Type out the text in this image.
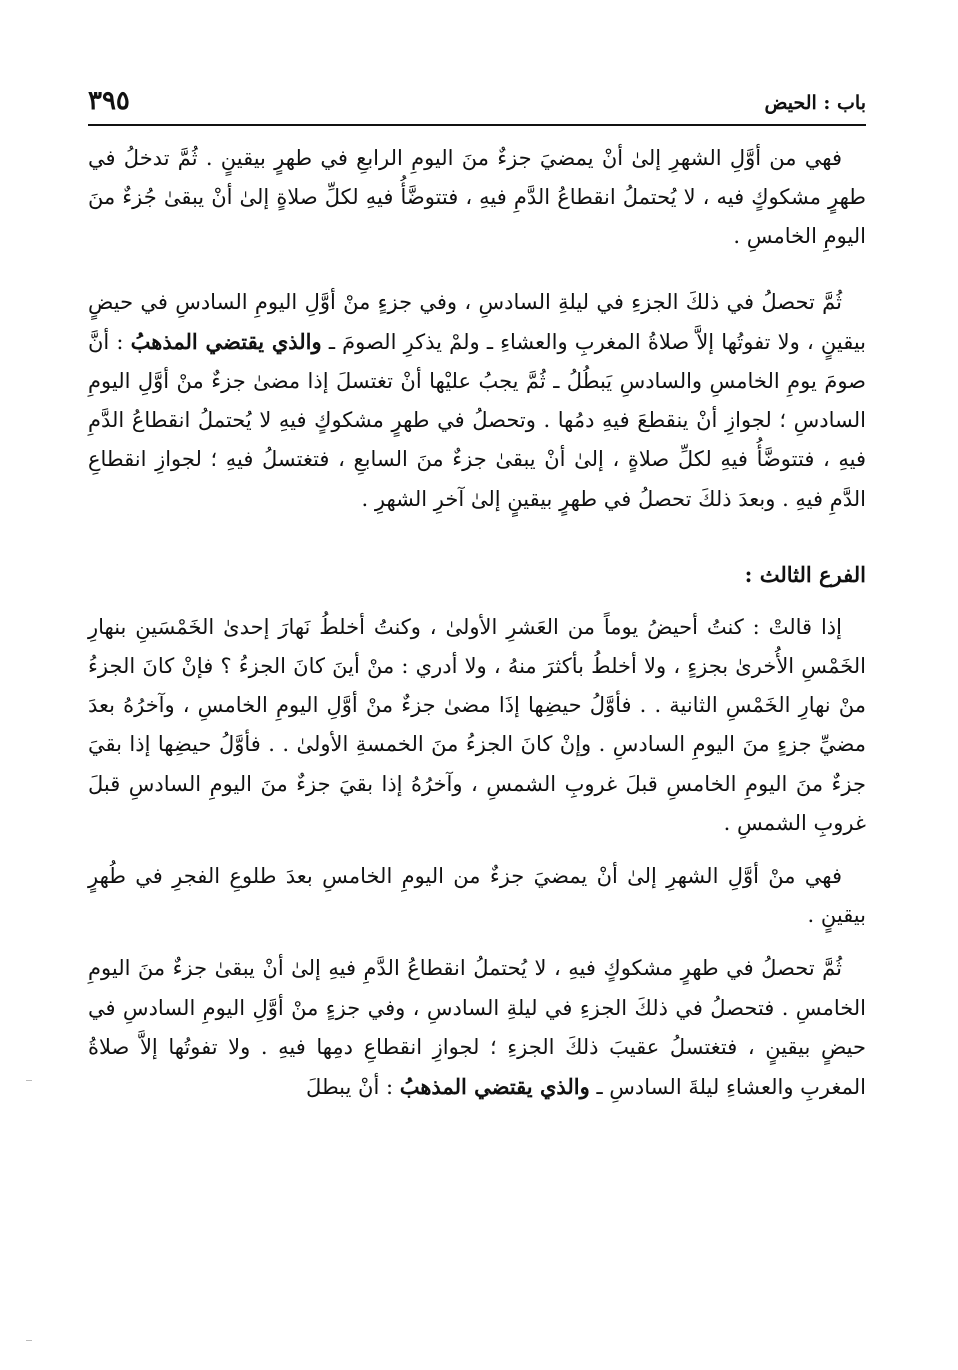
باب : الحيض
٣٩٥

فهي من أوَّلِ الشهرِ إلىٰ أنْ يمضيَ جزءٌ منَ اليومِ الرابعِ في طهرٍ بيقينٍ . ثُمَّ تدخلُ في طهرٍ مشكوكٍ فيه ، لا يُحتملُ انقطاعُ الدَّمِ فيهِ ، فتتوضَّأُ فيهِ لكلِّ صلاةٍ إلىٰ أنْ يبقىٰ جُزءٌ منَ اليومِ الخامسِ .

ثُمَّ تحصلُ في ذلكَ الجزءِ في ليلةِ السادسِ ، وفي جزءٍ منْ أوَّلِ اليومِ السادسِ في حيضٍ بيقينٍ ، ولا تفوتُها إلاَّ صلاةُ المغربِ والعشاءِ ـ ولمْ يذكرِ الصومَ ـ والذي يقتضي المذهبُ : أنَّ صومَ يومِ الخامسِ والسادسِ يَبطُلُ ـ ثُمَّ يجبُ عليْها أنْ تغتسلَ إذا مضىٰ جزءٌ منْ أوَّلِ اليومِ السادسِ ؛ لجوازِ أنْ ينقطعَ فيهِ دمُها . وتحصلُ في طهرٍ مشكوكٍ فيهِ لا يُحتملُ انقطاعُ الدَّمِ فيهِ ، فتتوضَّأُ فيهِ لكلِّ صلاةٍ ، إلىٰ أنْ يبقىٰ جزءٌ منَ السابعِ ، فتغتسلُ فيهِ ؛ لجوازِ انقطاعِ الدَّمِ فيهِ . وبعدَ ذلكَ تحصلُ في طهرٍ بيقينٍ إلىٰ آخرِ الشهرِ .

الفرع الثالث :

إذا قالتْ : كنتُ أحيضُ يوماً من العَشرِ الأولىٰ ، وكنتُ أخلطُ نَهارَ إحدىٰ الخَمْسَينِ بنهارِ الخَمْسِ الأُخرىٰ بجزءٍ ، ولا أخلطُ بأكثرَ منهُ ، ولا أدري : منْ أينَ كانَ الجزءُ ؟ فإنْ كانَ الجزءُ منْ نهارِ الخَمْسِ الثانية . . فأوَّلُ حيضِها إذَا مضىٰ جزءٌ منْ أوَّلِ اليومِ الخامسِ ، وآخرُهُ بعدَ مضيِّ جزءٍ منَ اليومِ السادسِ . وإنْ كانَ الجزءُ منَ الخمسةِ الأولىٰ . . فأوَّلُ حيضِها إذا بقيَ جزءٌ منَ اليومِ الخامسِ قبلَ غروبِ الشمسِ ، وآخرُهُ إذا بقيَ جزءٌ منَ اليومِ السادسِ قبلَ غروبِ الشمسِ .

فهي منْ أوَّلِ الشهرِ إلىٰ أنْ يمضيَ جزءٌ من اليومِ الخامسِ بعدَ طلوعِ الفجرِ في طُهرٍ بيقينٍ .

ثُمَّ تحصلُ في طهرٍ مشكوكٍ فيهِ ، لا يُحتملُ انقطاعُ الدَّمِ فيهِ إلىٰ أنْ يبقىٰ جزءٌ منَ اليومِ الخامسِ . فتحصلُ في ذلكَ الجزءِ في ليلةِ السادسِ ، وفي جزءٍ منْ أوَّلِ اليومِ السادسِ في حيضٍ بيقينٍ ، فتغتسلُ عقيبَ ذلكَ الجزءِ ؛ لجوازِ انقطاعِ دمِها فيهِ . ولا تفوتُها إلاَّ صلاةُ المغربِ والعشاءِ ليلةَ السادسِ ـ والذي يقتضي المذهبُ : أنْ يبطلَ
